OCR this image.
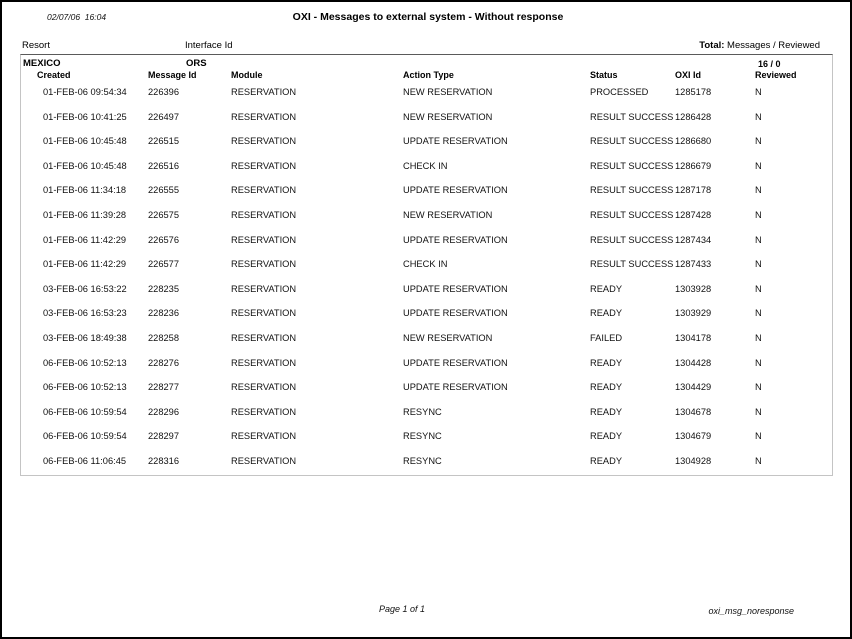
02/07/06  16:04	OXI - Messages to external system - Without response
Resort	Interface Id	Total: Messages / Reviewed
MEXICO	ORS	16 / 0
Created	Message Id	Module	Action Type	Status	OXI Id	Reviewed
01-FEB-06 09:54:34	226396	RESERVATION	NEW RESERVATION	PROCESSED	1285178	N
01-FEB-06 10:41:25	226497	RESERVATION	NEW RESERVATION	RESULT SUCCESS 1286428	N
01-FEB-06 10:45:48	226515	RESERVATION	UPDATE RESERVATION	RESULT SUCCESS 1286680	N
01-FEB-06 10:45:48	226516	RESERVATION	CHECK IN	RESULT SUCCESS 1286679	N
01-FEB-06 11:34:18	226555	RESERVATION	UPDATE RESERVATION	RESULT SUCCESS 1287178	N
01-FEB-06 11:39:28	226575	RESERVATION	NEW RESERVATION	RESULT SUCCESS 1287428	N
01-FEB-06 11:42:29	226576	RESERVATION	UPDATE RESERVATION	RESULT SUCCESS 1287434	N
01-FEB-06 11:42:29	226577	RESERVATION	CHECK IN	RESULT SUCCESS 1287433	N
03-FEB-06 16:53:22	228235	RESERVATION	UPDATE RESERVATION	READY	1303928	N
03-FEB-06 16:53:23	228236	RESERVATION	UPDATE RESERVATION	READY	1303929	N
03-FEB-06 18:49:38	228258	RESERVATION	NEW RESERVATION	FAILED	1304178	N
06-FEB-06 10:52:13	228276	RESERVATION	UPDATE RESERVATION	READY	1304428	N
06-FEB-06 10:52:13	228277	RESERVATION	UPDATE RESERVATION	READY	1304429	N
06-FEB-06 10:59:54	228296	RESERVATION	RESYNC	READY	1304678	N
06-FEB-06 10:59:54	228297	RESERVATION	RESYNC	READY	1304679	N
06-FEB-06 11:06:45	228316	RESERVATION	RESYNC	READY	1304928	N
Page 1 of 1	oxi_msg_noresponse
